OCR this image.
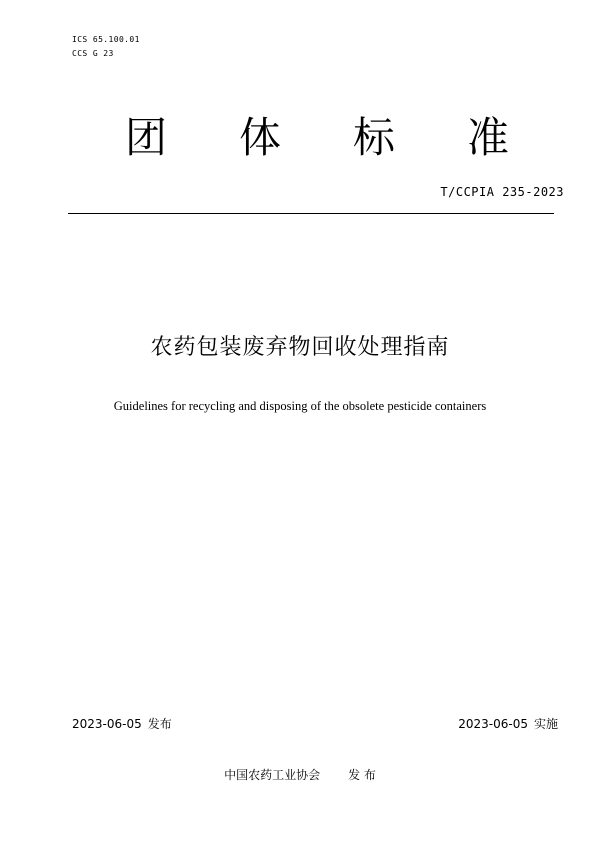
ICS 65.100.01
CCS G 23
团 体 标 准
T/CCPIA 235-2023
农药包装废弃物回收处理指南
Guidelines for recycling and disposing of the obsolete pesticide containers
2023-06-05 发布	2023-06-05 实施
中国农药工业协会 发 布
